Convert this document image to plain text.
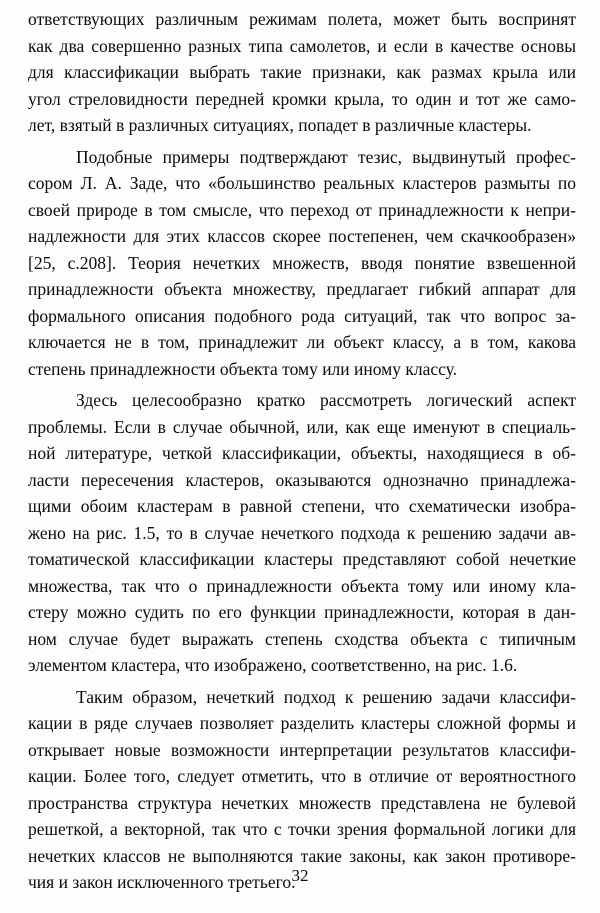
ответствующих различным режимам полета, может быть воспринят
как два совершенно разных типа самолетов, и если в качестве основы
для классификации выбрать такие признаки, как размах крыла или
угол стреловидности передней кромки крыла, то один и тот же само-
лет, взятый в различных ситуациях, попадет в различные кластеры.
Подобные примеры подтверждают тезис, выдвинутый профес-
сором Л. А. Заде, что «большинство реальных кластеров размыты по
своей природе в том смысле, что переход от принадлежности к непри-
надлежности для этих классов скорее постепенен, чем скачкообразен»
[25, с.208]. Теория нечетких множеств, вводя понятие взвешенной
принадлежности объекта множеству, предлагает гибкий аппарат для
формального описания подобного рода ситуаций, так что вопрос за-
ключается не в том, принадлежит ли объект классу, а в том, какова
степень принадлежности объекта тому или иному классу.
Здесь целесообразно кратко рассмотреть логический аспект
проблемы. Если в случае обычной, или, как еще именуют в специаль-
ной литературе, четкой классификации, объекты, находящиеся в об-
ласти пересечения кластеров, оказываются однозначно принадлежа-
щими обоим кластерам в равной степени, что схематически изобра-
жено на рис. 1.5, то в случае нечеткого подхода к решению задачи ав-
томатической классификации кластеры представляют собой нечеткие
множества, так что о принадлежности объекта тому или иному кла-
стеру можно судить по его функции принадлежности, которая в дан-
ном случае будет выражать степень сходства объекта с типичным
элементом кластера, что изображено, соответственно, на рис. 1.6.
Таким образом, нечеткий подход к решению задачи классифи-
кации в ряде случаев позволяет разделить кластеры сложной формы и
открывает новые возможности интерпретации результатов классифи-
кации. Более того, следует отметить, что в отличие от вероятностного
пространства структура нечетких множеств представлена не булевой
решеткой, а векторной, так что с точки зрения формальной логики для
нечетких классов не выполняются такие законы, как закон противоре-
чия и закон исключенного третьего.
32
